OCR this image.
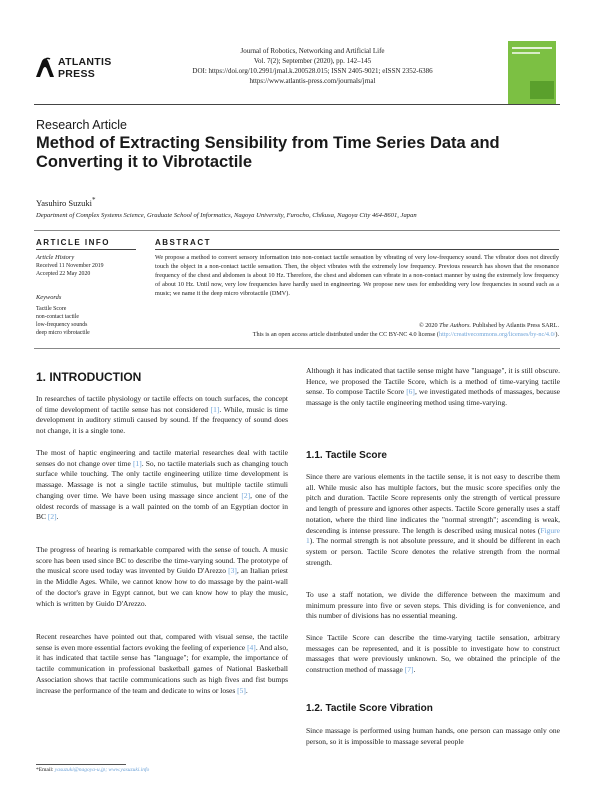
ATLANTIS
PRESS
Journal of Robotics, Networking and Artificial Life
Vol. 7(2); September (2020), pp. 142–145
DOI: https://doi.org/10.2991/jrnal.k.200528.015; ISSN 2405-9021; eISSN 2352-6386
https://www.atlantis-press.com/journals/jrnal
Research Article
Method of Extracting Sensibility from Time Series Data and Converting it to Vibrotactile
Yasuhiro Suzuki*
Department of Complex Systems Science, Graduate School of Informatics, Nagoya University, Furocho, Chikusa, Nagoya City 464-8601, Japan
ARTICLE INFO
Article History
Received 11 November 2019
Accepted 22 May 2020
Keywords
Tactile Score
non-contact tactile
low-frequency sounds
deep micro vibrotactile
ABSTRACT
We propose a method to convert sensory information into non-contact tactile sensation by vibrating of very low-frequency sound. The vibrator does not directly touch the object in a non-contact tactile sensation. Then, the object vibrates with the extremely low frequency. Previous research has shown that the resonance frequency of the chest and abdomen is about 10 Hz. Therefore, the chest and abdomen can vibrate in a non-contact manner by using the extremely low frequency of about 10 Hz. Until now, very low frequencies have hardly used in engineering. We propose new uses for embedding very low frequencies in sound such as a music; we name it the deep micro vibrotactile (DMV).
© 2020 The Authors. Published by Atlantis Press SARL.
This is an open access article distributed under the CC BY-NC 4.0 license (http://creativecommons.org/licenses/by-nc/4.0/).
1. INTRODUCTION
In researches of tactile physiology or tactile effects on touch surfaces, the concept of time development of tactile sense has not considered [1]. While, music is time development in auditory stimuli caused by sound. If the frequency of sound does not change, it is a single tone.
The most of haptic engineering and tactile material researches deal with tactile senses do not change over time [1]. So, no tactile materials such as changing touch surface while touching. The only tactile engineering utilize time development is massage. Massage is not a single tactile stimulus, but multiple tactile stimuli changing over time. We have been using massage since ancient [2], one of the oldest records of massage is a wall painted on the tomb of an Egyptian doctor in BC [2].
The progress of hearing is remarkable compared with the sense of touch. A music score has been used since BC to describe the time-varying sound. The prototype of the musical score used today was invented by Guido D'Arezzo [3], an Italian priest in the Middle Ages. While, we cannot know how to do massage by the paint-wall of the doctor's grave in Egypt cannot, but we can know how to play the music, which is written by Guido D'Arezzo.
Recent researches have pointed out that, compared with visual sense, the tactile sense is even more essential factors evoking the feeling of experience [4]. And also, it has indicated that tactile sense has "language"; for example, the importance of tactile communication in professional basketball games of National Basketball Association shows that tactile communications such as high fives and fist bumps increase the performance of the team and dedicate to wins or loses [5].
*Email: yasuzuki@nagoya-u.jp; www.yasuzuki.info
Although it has indicated that tactile sense might have "language", it is still obscure. Hence, we proposed the Tactile Score, which is a method of time-varying tactile sense. To compose Tactile Score [6], we investigated methods of massages, because massage is the only tactile engineering method using time-varying.
1.1. Tactile Score
Since there are various elements in the tactile sense, it is not easy to describe them all. While music also has multiple factors, but the music score specifies only the pitch and duration. Tactile Score represents only the strength of vertical pressure and length of pressure and ignores other aspects. Tactile Score generally uses a staff notation, where the third line indicates the "normal strength"; ascending is weak, descending is intense pressure. The length is described using musical notes (Figure 1). The normal strength is not absolute pressure, and it should be different in each system or person. Tactile Score denotes the relative strength from the normal strength.
To use a staff notation, we divide the difference between the maximum and minimum pressure into five or seven steps. This dividing is for convenience, and this number of divisions has no essential meaning.
Since Tactile Score can describe the time-varying tactile sensation, arbitrary messages can be represented, and it is possible to investigate how to construct massages that were previously unknown. So, we obtained the principle of the construction method of massage [7].
1.2. Tactile Score Vibration
Since massage is performed using human hands, one person can massage only one person, so it is impossible to massage several people
